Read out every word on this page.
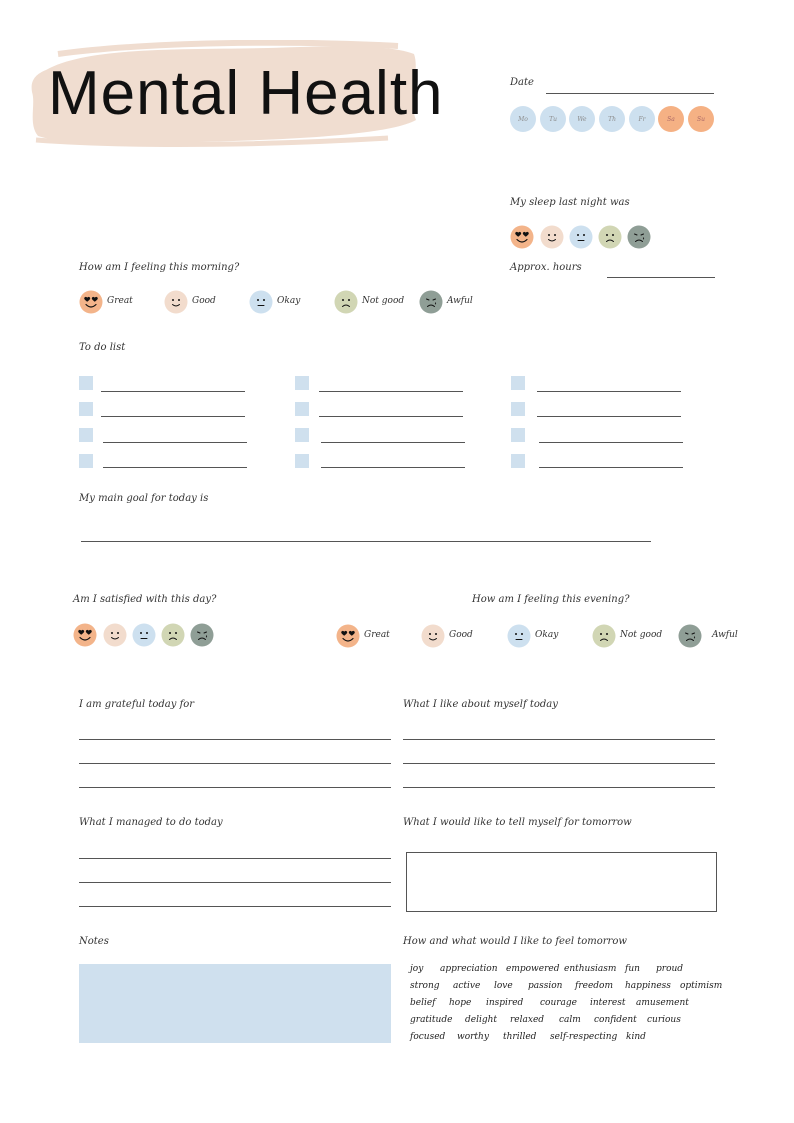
Mental Health	Date
Mo	Tu	We	Th	Fr	Sa	Su
My sleep last night was
Approx. hours
How am I feeling this morning?
Great	Good	Okay	Not good	Awful
To do list
My main goal for today is
Am I satisfied with this day?	How am I feeling this evening?
Great	Good	Okay	Not good	Awful
I am grateful today for	What I like about myself today
What I managed to do today	What I would like to tell myself for tomorrow
Notes	How and what would I like to feel tomorrow
joy appreciation empowered enthusiasm fun proud
strong active love passion freedom happiness optimism
belief hope inspired courage interest amusement
gratitude delight relaxed calm confident curious
focused worthy thrilled self-respecting kind
